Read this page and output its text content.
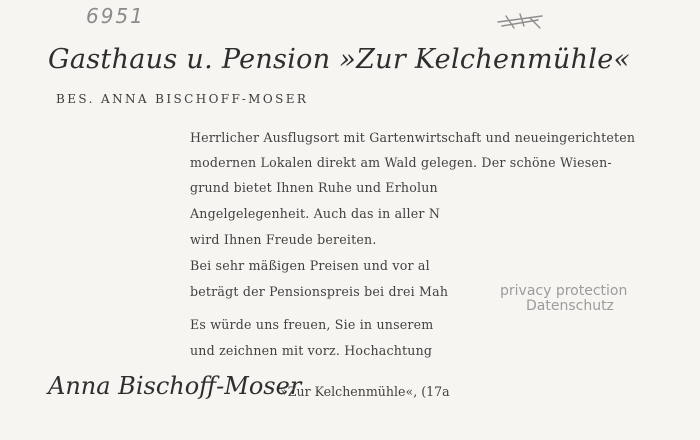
6951
Gasthaus u. Pension »Zur Kelchenmühle«
BES. ANNA BISCHOFF-MOSER
Herrlicher Ausflugsort mit Gartenwirtschaft und neueingerichteten
modernen Lokalen direkt am Wald gelegen. Der schöne Wiesen-
grund bietet Ihnen Ruhe und Erholun
Angelgelegenheit. Auch das in aller N
wird Ihnen Freude bereiten.
Bei sehr mäßigen Preisen und vor al
beträgt der Pensionspreis bei drei Mah
Es würde uns freuen, Sie in unserem
und zeichnen mit vorz. Hochachtung
privacy protection
Datenschutz
Anna Bischoff-Moser
»Zur Kelchenmühle«, (17a
